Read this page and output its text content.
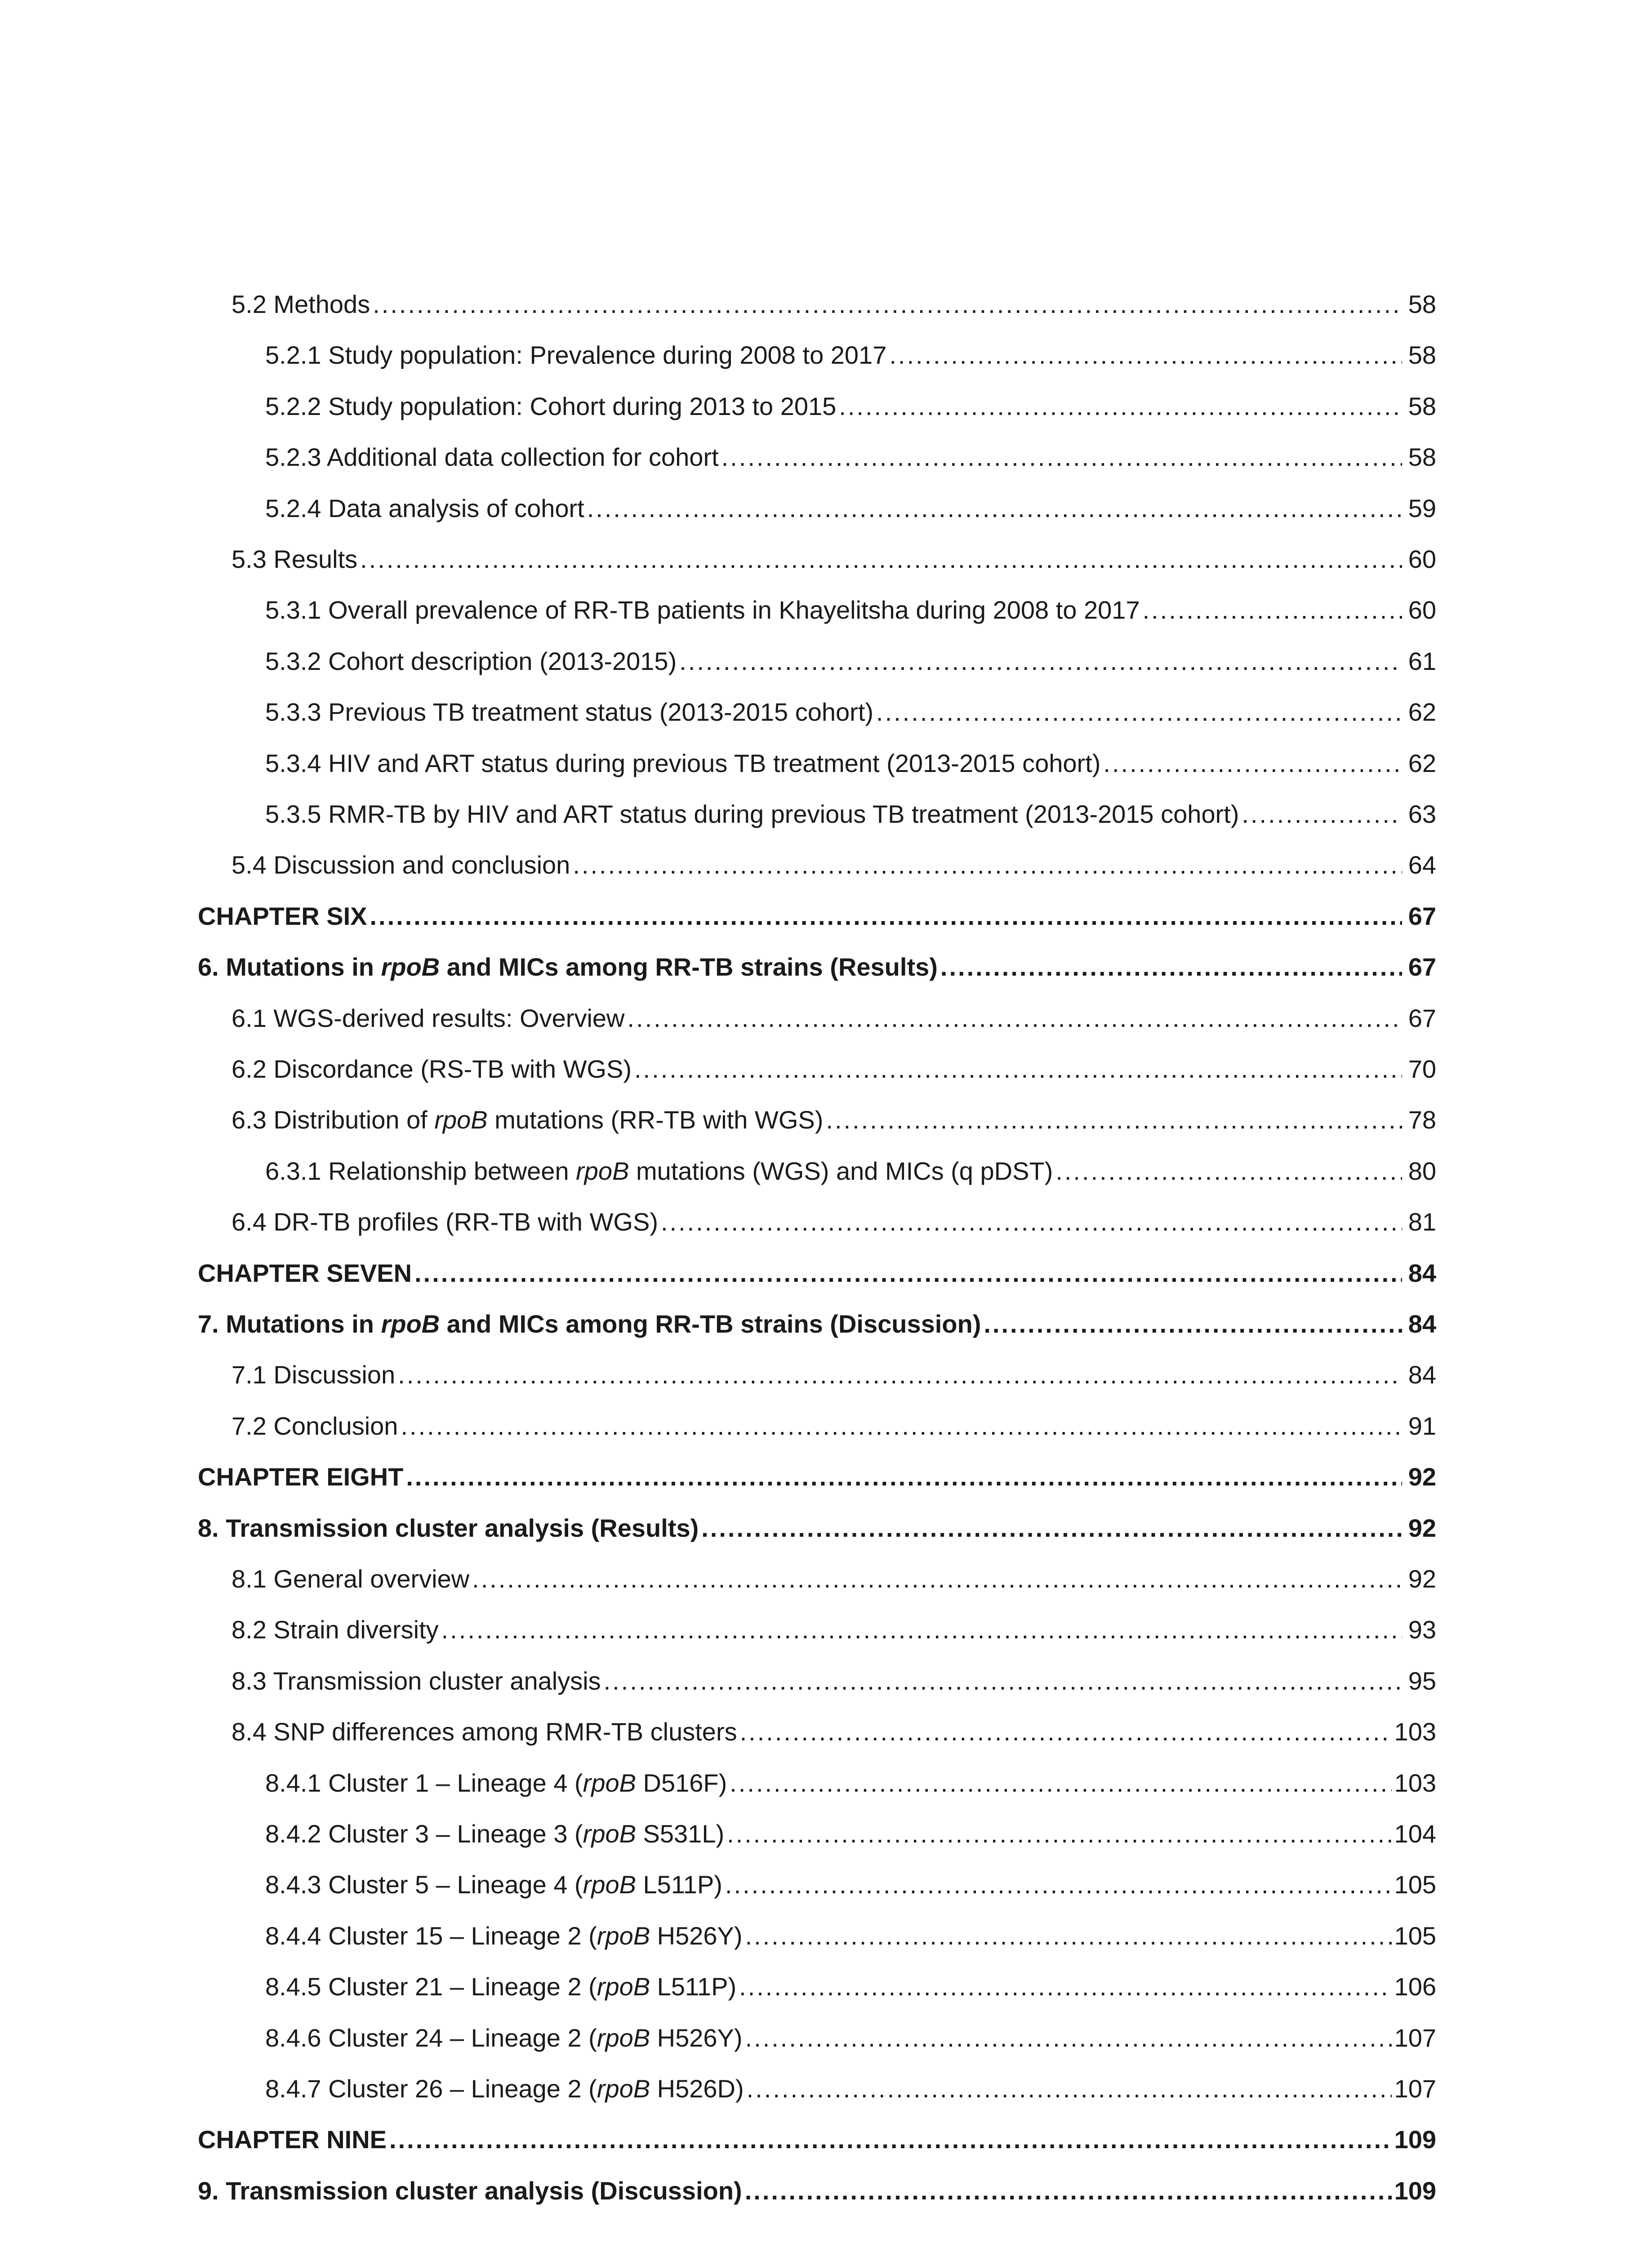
5.2 Methods .....	58
5.2.1 Study population: Prevalence during 2008 to 2017 .....	58
5.2.2 Study population: Cohort during 2013 to 2015 .....	58
5.2.3 Additional data collection for cohort .....	58
5.2.4 Data analysis of cohort .....	59
5.3 Results .....	60
5.3.1 Overall prevalence of RR-TB patients in Khayelitsha during 2008 to 2017 .....	60
5.3.2 Cohort description (2013-2015) .....	61
5.3.3 Previous TB treatment status (2013-2015 cohort) .....	62
5.3.4 HIV and ART status during previous TB treatment (2013-2015 cohort) .....	62
5.3.5 RMR-TB by HIV and ART status during previous TB treatment (2013-2015 cohort) .....	63
5.4 Discussion and conclusion .....	64
CHAPTER SIX .....	67
6. Mutations in rpoB and MICs among RR-TB strains (Results) .....	67
6.1 WGS-derived results: Overview .....	67
6.2 Discordance (RS-TB with WGS) .....	70
6.3 Distribution of rpoB mutations (RR-TB with WGS) .....	78
6.3.1 Relationship between rpoB mutations (WGS) and MICs (q pDST) .....	80
6.4 DR-TB profiles (RR-TB with WGS) .....	81
CHAPTER SEVEN .....	84
7. Mutations in rpoB and MICs among RR-TB strains (Discussion) .....	84
7.1 Discussion .....	84
7.2 Conclusion .....	91
CHAPTER EIGHT .....	92
8. Transmission cluster analysis (Results) .....	92
8.1 General overview .....	92
8.2 Strain diversity .....	93
8.3 Transmission cluster analysis .....	95
8.4 SNP differences among RMR-TB clusters .....	103
8.4.1 Cluster 1 – Lineage 4 (rpoB D516F) .....	103
8.4.2 Cluster 3 – Lineage 3 (rpoB S531L) .....	104
8.4.3 Cluster 5 – Lineage 4 (rpoB L511P) .....	105
8.4.4 Cluster 15 – Lineage 2 (rpoB H526Y) .....	105
8.4.5 Cluster 21 – Lineage 2 (rpoB L511P) .....	106
8.4.6 Cluster 24 – Lineage 2 (rpoB H526Y) .....	107
8.4.7 Cluster 26 – Lineage 2 (rpoB H526D) .....	107
CHAPTER NINE .....	109
9. Transmission cluster analysis (Discussion) .....	109
